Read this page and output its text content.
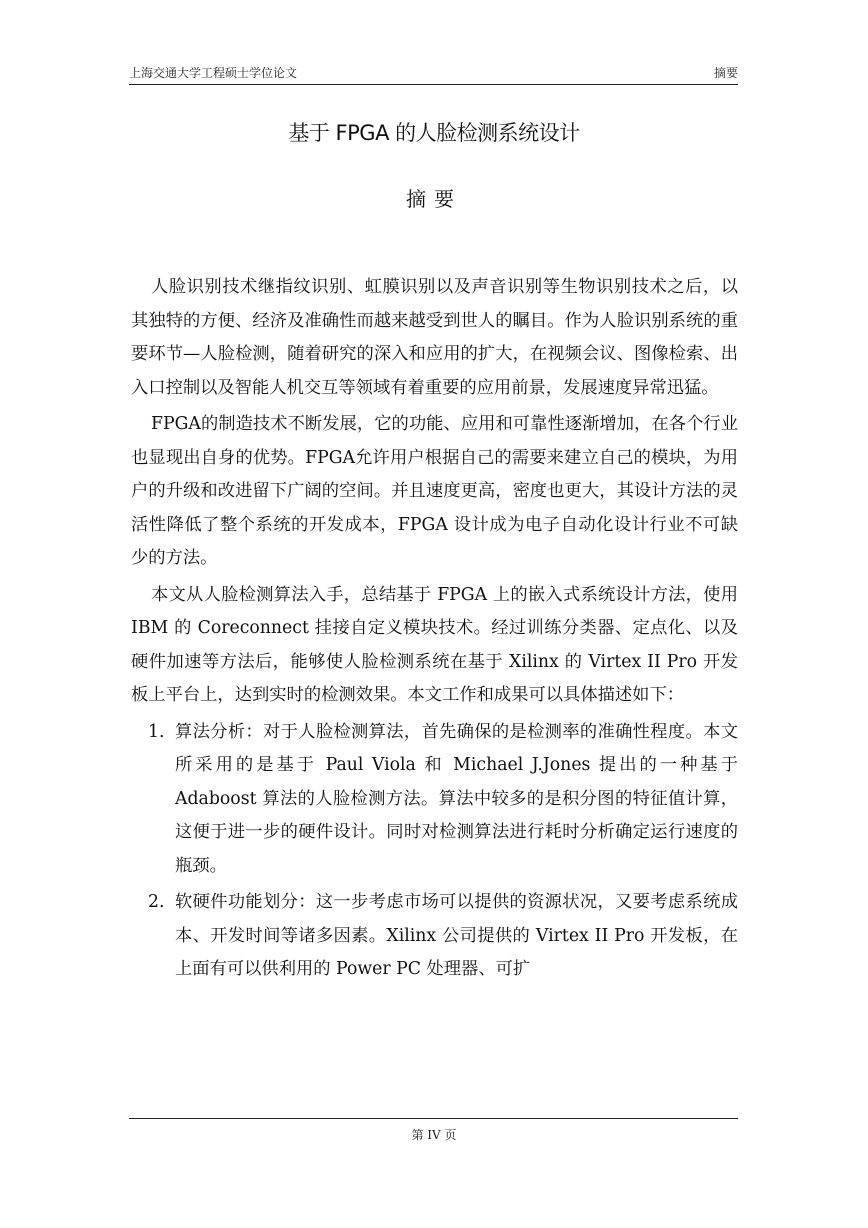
上海交通大学工程硕士学位论文	摘要
基于 FPGA 的人脸检测系统设计
摘要

人脸识别技术继指纹识别、虹膜识别以及声音识别等生物识别技术之后，以其独特的方便、经济及准确性而越来越受到世人的瞩目。作为人脸识别系统的重要环节—人脸检测，随着研究的深入和应用的扩大，在视频会议、图像检索、出入口控制以及智能人机交互等领域有着重要的应用前景，发展速度异常迅猛。

FPGA的制造技术不断发展，它的功能、应用和可靠性逐渐增加，在各个行业也显现出自身的优势。FPGA允许用户根据自己的需要来建立自己的模块，为用户的升级和改进留下广阔的空间。并且速度更高，密度也更大，其设计方法的灵活性降低了整个系统的开发成本，FPGA 设计成为电子自动化设计行业不可缺少的方法。

本文从人脸检测算法入手，总结基于 FPGA 上的嵌入式系统设计方法，使用 IBM 的 Coreconnect 挂接自定义模块技术。经过训练分类器、定点化、以及硬件加速等方法后，能够使人脸检测系统在基于 Xilinx 的 Virtex II Pro 开发板上平台上，达到实时的检测效果。本文工作和成果可以具体描述如下：

1. 算法分析：对于人脸检测算法，首先确保的是检测率的准确性程度。本文所采用的是基于 Paul Viola 和 Michael J.Jones 提出的一种基于 Adaboost 算法的人脸检测方法。算法中较多的是积分图的特征值计算，这便于进一步的硬件设计。同时对检测算法进行耗时分析确定运行速度的瓶颈。
2. 软硬件功能划分：这一步考虑市场可以提供的资源状况，又要考虑系统成本、开发时间等诸多因素。Xilinx 公司提供的 Virtex II Pro 开发板，在上面有可以供利用的 Power PC 处理器、可扩
第 IV 页
